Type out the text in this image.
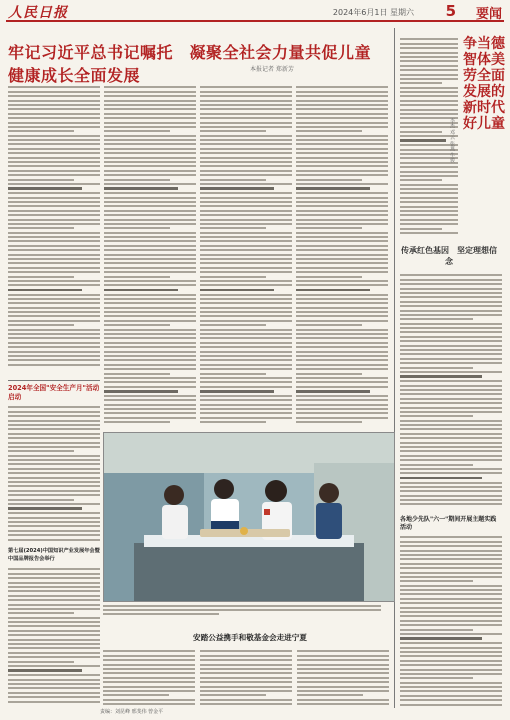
人民日报	2024年6月1日 星期六 5 要闻
牢记习近平总书记嘱托　凝聚全社会力量共促儿童健康成长全面发展	本报记者 郑新芳
2024年全国"安全生产月"活动启动
第七届(2024)中国知识产业发展年会暨中国品牌报告会举行
安踏公益携手和敬基金会走进宁夏
争当德智体美劳全面发展的新时代好儿童
李杰 邓云 张燕 牛骏
传承红色基因　坚定理想信念
各地少先队"六一"期间开展主题实践活动
责编：刘昆峰 邢斐伟 曾金平
